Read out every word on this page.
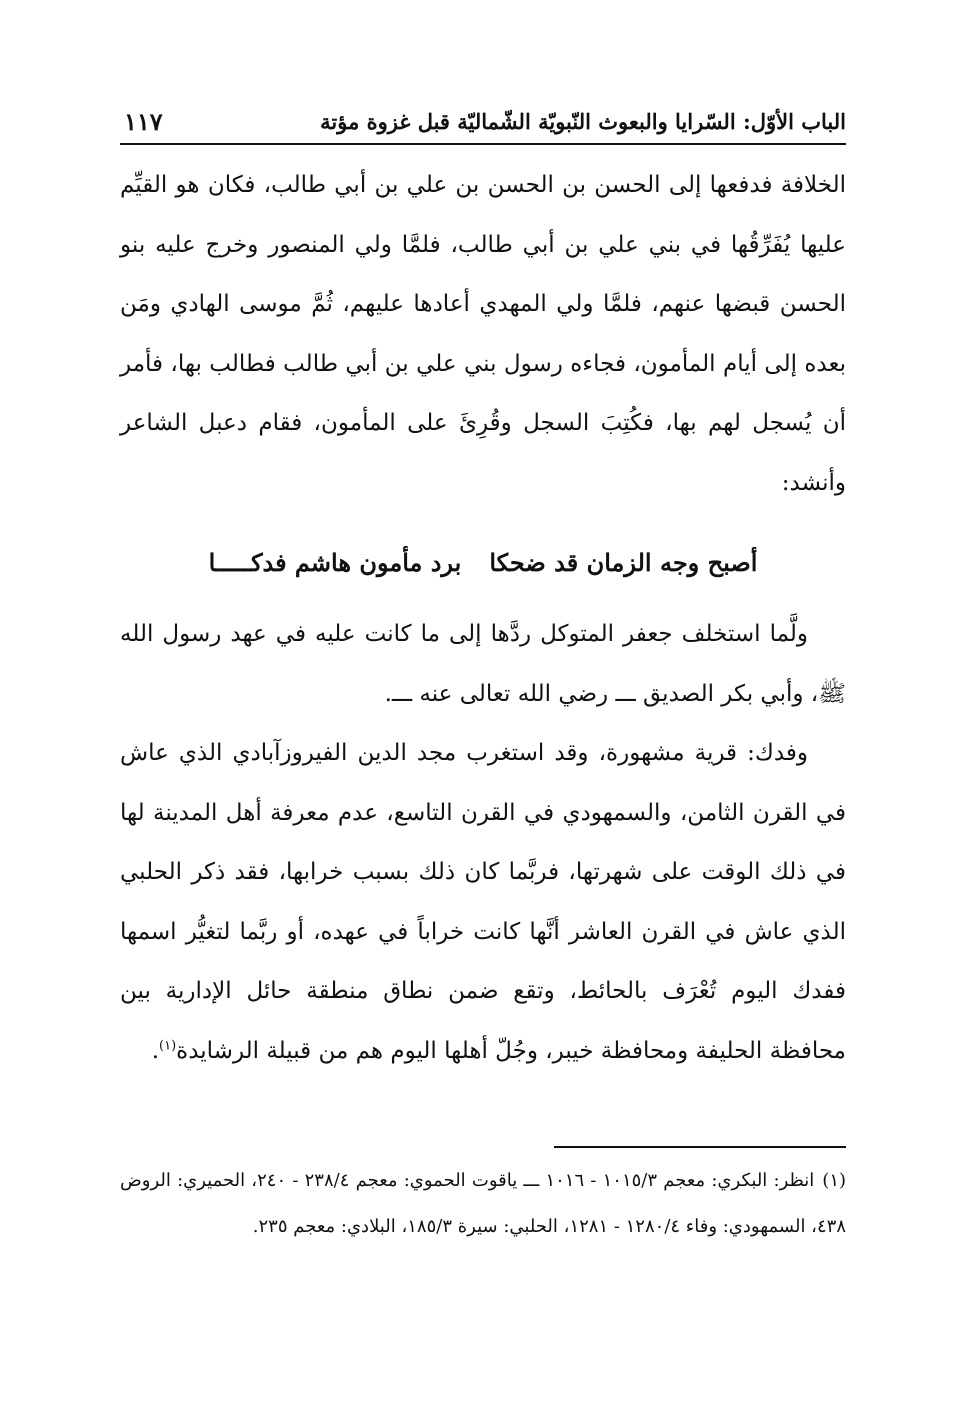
الباب الأوّل: السّرايا والبعوث النّبويّة الشّماليّة قبل غزوة مؤتة
١١٧

الخلافة فدفعها إلى الحسن بن الحسن بن علي بن أبي طالب، فكان هو القيِّم عليها يُفَرِّقُها في بني علي بن أبي طالب، فلمَّا ولي المنصور وخرج عليه بنو الحسن قبضها عنهم، فلمَّا ولي المهدي أعادها عليهم، ثُمَّ موسى الهادي ومَن بعده إلى أيام المأمون، فجاءه رسول بني علي بن أبي طالب فطالب بها، فأمر أن يُسجل لهم بها، فكُتِبَ السجل وقُرِئَ على المأمون، فقام دعبل الشاعر وأنشد:

أصبح وجه الزمان قد ضحكابرد مأمون هاشم فدكـــــا

ولَّما استخلف جعفر المتوكل ردَّها إلى ما كانت عليه في عهد رسول الله ﷺ، وأبي بكر الصديق ـــ رضي الله تعالى عنه ـــ.

وفدك: قرية مشهورة، وقد استغرب مجد الدين الفيروزآبادي الذي عاش في القرن الثامن، والسمهودي في القرن التاسع، عدم معرفة أهل المدينة لها في ذلك الوقت على شهرتها، فربَّما كان ذلك بسبب خرابها، فقد ذكر الحلبي الذي عاش في القرن العاشر أنَّها كانت خراباً في عهده، أو ربَّما لتغيُّر اسمها ففدك اليوم تُعْرَف بالحائط، وتقع ضمن نطاق منطقة حائل الإدارية بين محافظة الحليفة ومحافظة خيبر، وجُلّ أهلها اليوم هم من قبيلة الرشايدة$^{(١)}$.

(١)انظر: البكري: معجم ١٠١٥/٣ - ١٠١٦ ـــ ياقوت الحموي: معجم ٢٣٨/٤ - ٢٤٠، الحميري: الروض ٤٣٨، السمهودي: وفاء ١٢٨٠/٤ - ١٢٨١، الحلبي: سيرة ١٨٥/٣، البلادي: معجم ٢٣٥.
